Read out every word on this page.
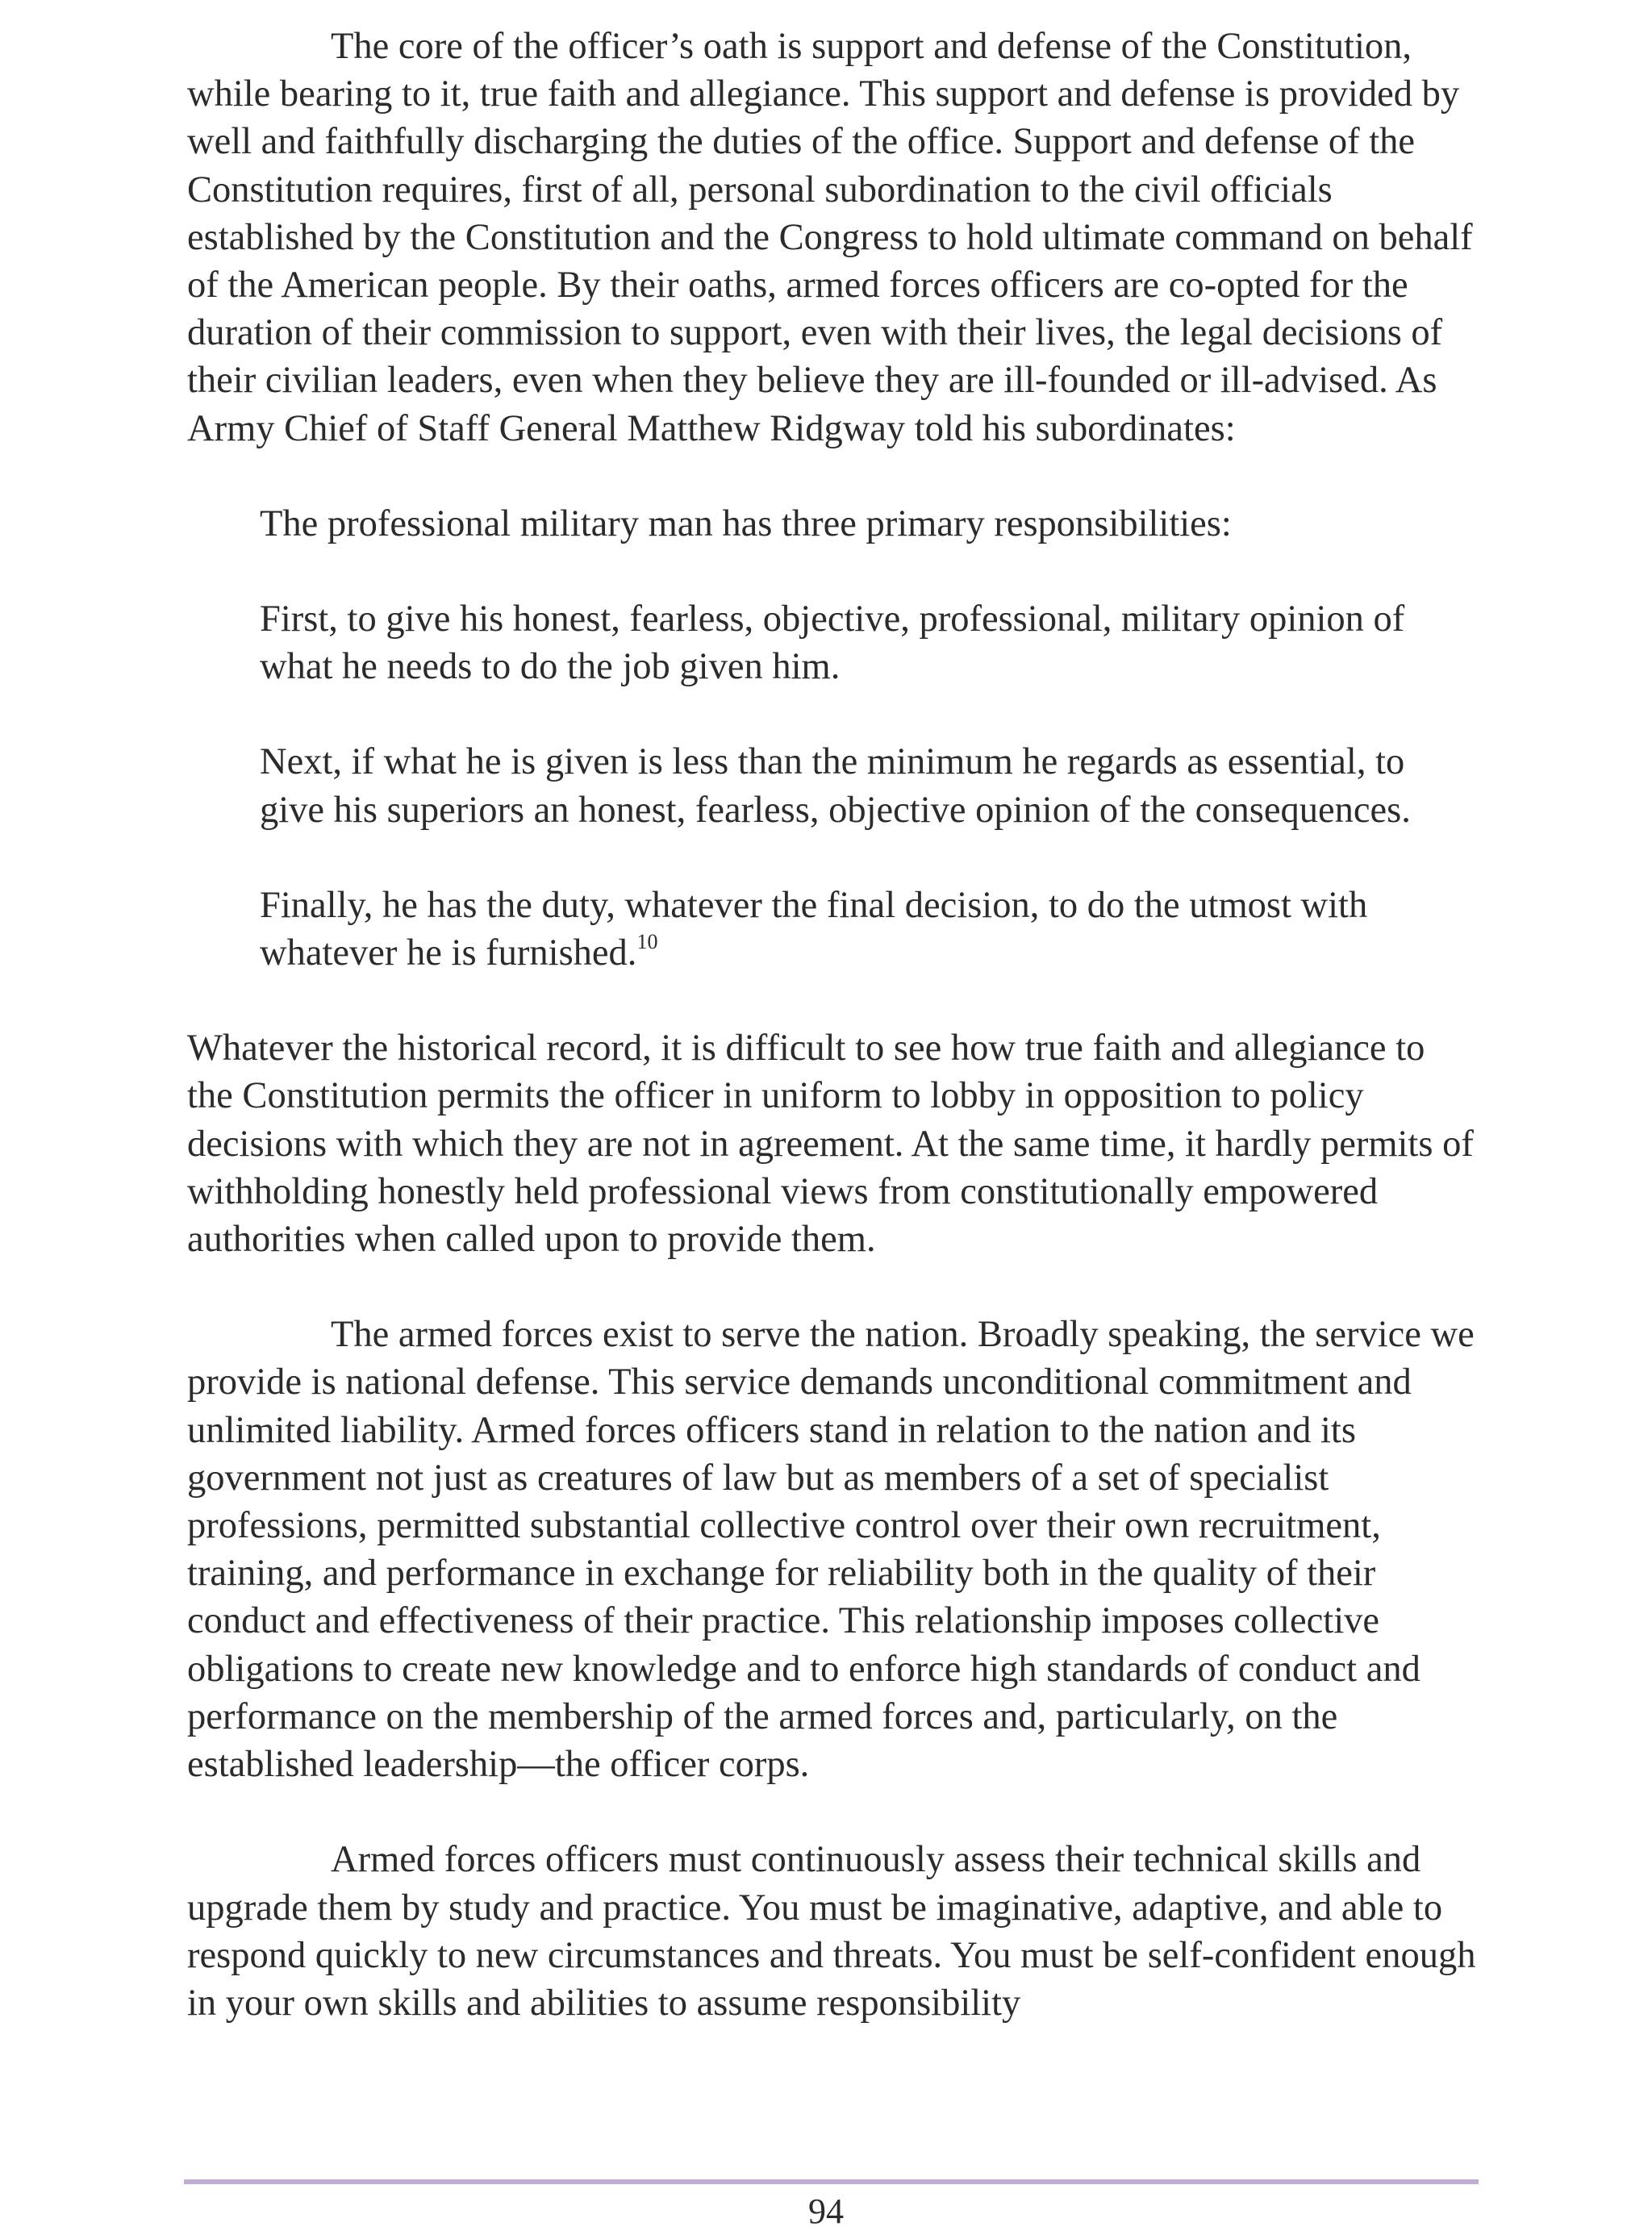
The core of the officer’s oath is support and defense of the Constitution, while bearing to it, true faith and allegiance. This support and defense is provided by well and faithfully discharging the duties of the office. Support and defense of the Constitution requires, first of all, personal subordination to the civil officials established by the Constitution and the Congress to hold ultimate command on behalf of the American people. By their oaths, armed forces officers are co-opted for the duration of their commission to support, even with their lives, the legal decisions of their civilian leaders, even when they believe they are ill-founded or ill-advised. As Army Chief of Staff General Matthew Ridgway told his subordinates:

The professional military man has three primary responsibilities:

First, to give his honest, fearless, objective, professional, military opinion of what he needs to do the job given him.

Next, if what he is given is less than the minimum he regards as essential, to give his superiors an honest, fearless, objective opinion of the consequences.

Finally, he has the duty, whatever the final decision, to do the utmost with whatever he is furnished.$^{10}$

Whatever the historical record, it is difficult to see how true faith and allegiance to the Constitution permits the officer in uniform to lobby in opposition to policy decisions with which they are not in agreement. At the same time, it hardly permits of withholding honestly held professional views from constitutionally empowered authorities when called upon to provide them.

The armed forces exist to serve the nation. Broadly speaking, the service we provide is national defense. This service demands unconditional commitment and unlimited liability. Armed forces officers stand in relation to the nation and its government not just as creatures of law but as members of a set of specialist professions, permitted substantial collective control over their own recruitment, training, and performance in exchange for reliability both in the quality of their conduct and effectiveness of their practice. This relationship imposes collective obligations to create new knowledge and to enforce high standards of conduct and performance on the membership of the armed forces and, particularly, on the established leadership—the officer corps.

Armed forces officers must continuously assess their technical skills and upgrade them by study and practice. You must be imaginative, adaptive, and able to respond quickly to new circumstances and threats. You must be self-confident enough in your own skills and abilities to assume responsibility

94
